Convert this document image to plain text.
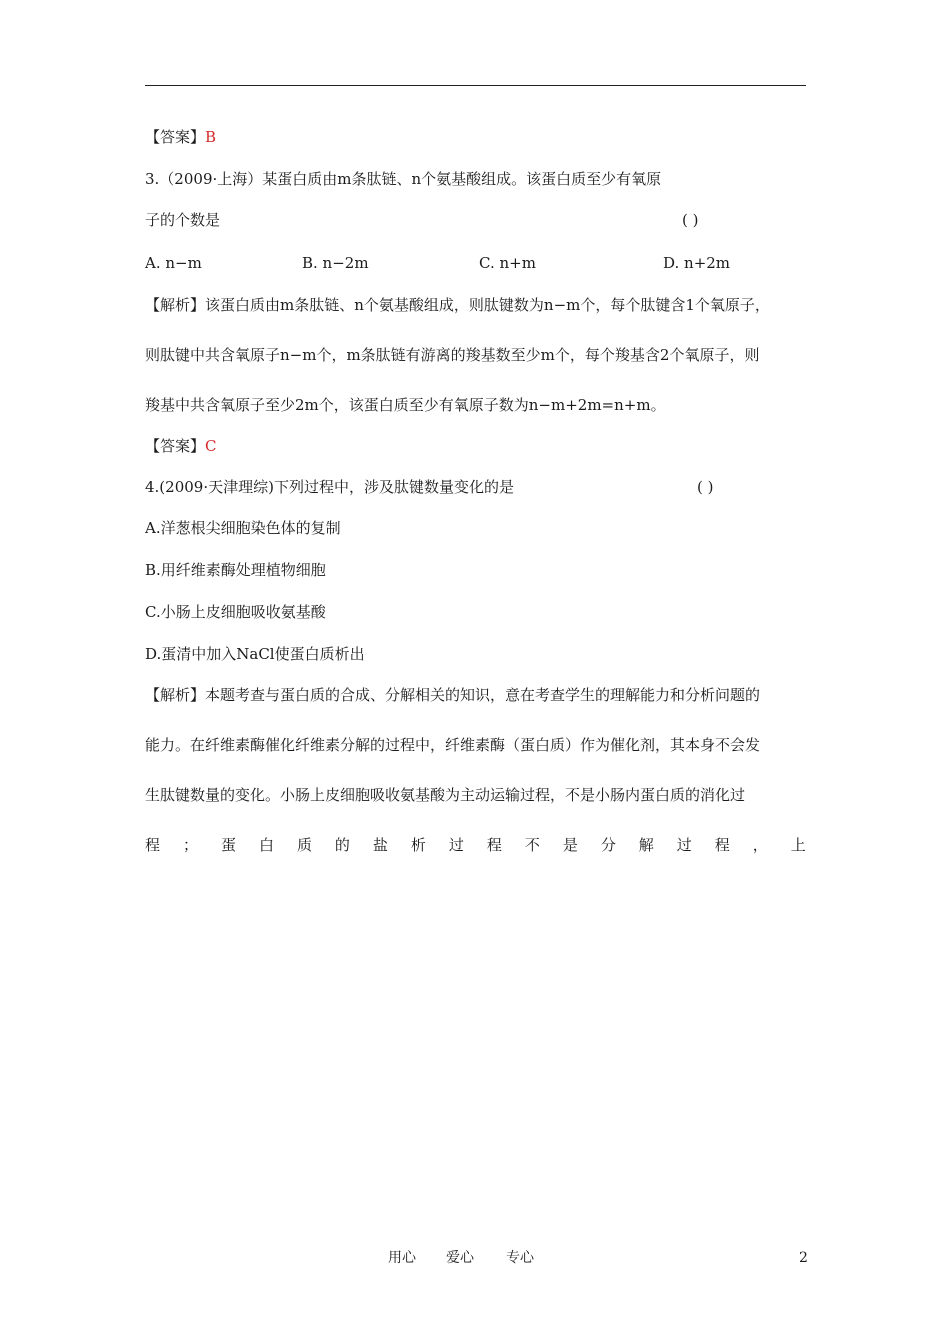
【答案】B
3.（2009·上海）某蛋白质由m条肽链、n个氨基酸组成。该蛋白质至少有氧原
子的个数是	( )
A. n−m	B. n−2m	C. n+m	D. n+2m
【解析】该蛋白质由m条肽链、n个氨基酸组成，则肽键数为n−m个，每个肽键含1个氧原子，
则肽键中共含氧原子n−m个，m条肽链有游离的羧基数至少m个，每个羧基含2个氧原子，则
羧基中共含氧原子至少2m个，该蛋白质至少有氧原子数为n−m+2m=n+m。
【答案】C
4.(2009·天津理综)下列过程中，涉及肽键数量变化的是	( )
A.洋葱根尖细胞染色体的复制
B.用纤维素酶处理植物细胞
C.小肠上皮细胞吸收氨基酸
D.蛋清中加入NaCl使蛋白质析出
【解析】本题考查与蛋白质的合成、分解相关的知识，意在考查学生的理解能力和分析问题的
能力。在纤维素酶催化纤维素分解的过程中，纤维素酶（蛋白质）作为催化剂，其本身不会发
生肽键数量的变化。小肠上皮细胞吸收氨基酸为主动运输过程，不是小肠内蛋白质的消化过
程 ； 蛋 白 质 的 盐 析 过 程 不 是 分 解 过 程 ， 上
用心 爱心 专心	2
